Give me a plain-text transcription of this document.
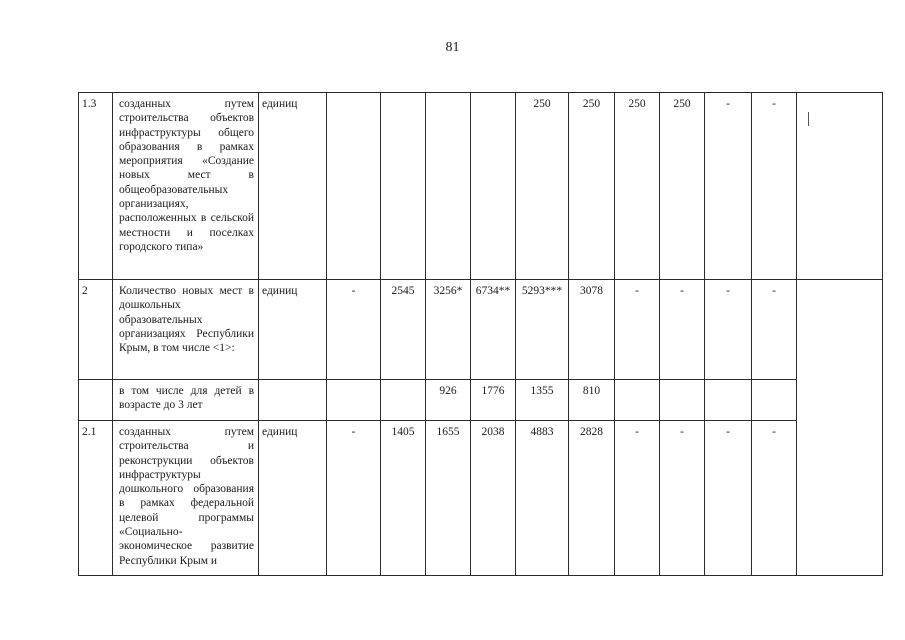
81
1.3	созданных путем строительства объектов инфраструктуры общего образования в рамках мероприятия «Создание новых мест в общеобразовательных организациях, расположенных в сельской местности и поселках городского типа»	единиц					250	250	250	250	-	-	
2	Количество новых мест в дошкольных образовательных организациях Республики Крым, в том числе <1>:	единиц	-	2545	3256*	6734**	5293***	3078	-	-	-	-	
	в том числе для детей в возрасте до 3 лет				926	1776	1355	810					
2.1	созданных путем строительства и реконструкции объектов инфраструктуры дошкольного образования в рамках федеральной целевой программы «Социально-экономическое развитие Республики Крым и	единиц	-	1405	1655	2038	4883	2828	-	-	-	-	
